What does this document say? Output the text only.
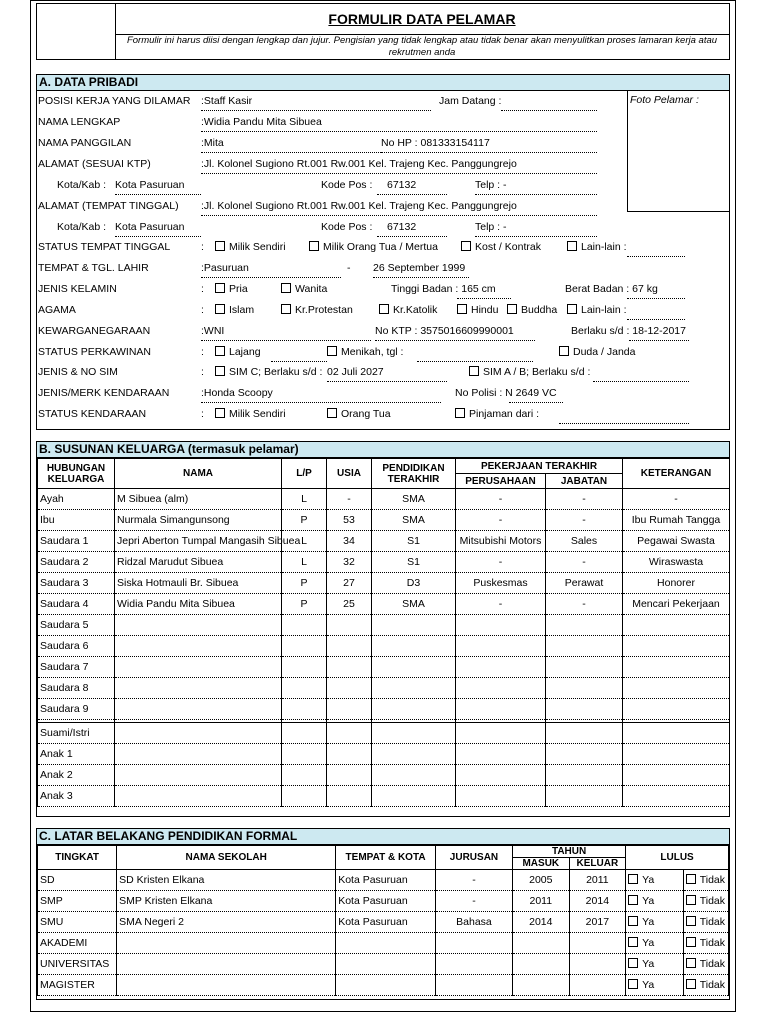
FORMULIR DATA PELAMAR
Formulir ini harus diisi dengan lengkap dan jujur. Pengisian yang tidak lengkap atau tidak benar akan menyulitkan proses lamaran kerja atau rekrutmen anda
A. DATA PRIBADI
Foto Pelamar :
POSISI KERJA YANG DILAMAR :Staff Kasir	Jam Datang :
NAMA LENGKAP	:Widia Pandu Mita Sibuea
NAMA PANGGILAN	:Mita	No HP : 081333154117
ALAMAT (SESUAI KTP)	:Jl. Kolonel Sugiono Rt.001 Rw.001 Kel. Trajeng Kec. Panggungrejo
Kota/Kab : Kota Pasuruan	Kode Pos : 67132	Telp : -
ALAMAT (TEMPAT TINGGAL) :Jl. Kolonel Sugiono Rt.001 Rw.001 Kel. Trajeng Kec. Panggungrejo
Kota/Kab : Kota Pasuruan	Kode Pos : 67132	Telp : -
STATUS TEMPAT TINGGAL	:	Milik Sendiri	Milik Orang Tua / Mertua	Kost / Kontrak	Lain-lain :
TEMPAT & TGL. LAHIR	:Pasuruan	- 26 September 1999
JENIS KELAMIN	:	Pria	Wanita	Tinggi Badan : 165 cm	Berat Badan : 67 kg
AGAMA	:	Islam	Kr.Protestan	Kr.Katolik	Hindu	Buddha	Lain-lain :
KEWARGANEGARAAN	:WNI	No KTP : 3575016609990001	Berlaku s/d : 18-12-2017
STATUS PERKAWINAN	:	Lajang	Menikah, tgl :	Duda / Janda
JENIS & NO SIM	:	SIM C; Berlaku s/d : 02 Juli 2027	SIM A / B; Berlaku s/d :
JENIS/MERK KENDARAAN	:Honda Scoopy	No Polisi : N 2649 VC
STATUS KENDARAAN	:	Milik Sendiri	Orang Tua	Pinjaman dari :
B. SUSUNAN KELUARGA (termasuk pelamar)
HUBUNGAN KELUARGA	NAMA	L/P	USIA	PENDIDIKAN TERAKHIR	PEKERJAAN TERAKHIR		KETERANGAN
					PERUSAHAAN	JABATAN	
Ayah	M Sibuea (alm)	L	-	SMA	-	-	-
Ibu	Nurmala Simangunsong	P	53	SMA	-	-	Ibu Rumah Tangga
Saudara 1	Jepri Aberton Tumpal Mangasih Sibuea	L	34	S1	Mitsubishi Motors	Sales	Pegawai Swasta
Saudara 2	Ridzal Marudut Sibuea	L	32	S1	-	-	Wiraswasta
Saudara 3	Siska Hotmauli Br. Sibuea	P	27	D3	Puskesmas	Perawat	Honorer
Saudara 4	Widia Pandu Mita Sibuea	P	25	SMA	-	-	Mencari Pekerjaan
Saudara 5							
Saudara 6							
Saudara 7							
Saudara 8							
Saudara 9							

Suami/Istri							
Anak 1							
Anak 2							
Anak 3							
C. LATAR BELAKANG PENDIDIKAN FORMAL
TINGKAT	NAMA SEKOLAH	TEMPAT & KOTA	JURUSAN	TAHUN		LULUS	
				MASUK	KELUAR		
SD	SD Kristen Elkana	Kota Pasuruan	-	2005	2011	Ya	Tidak
SMP	SMP Kristen Elkana	Kota Pasuruan	-	2011	2014	Ya	Tidak
SMU	SMA Negeri 2	Kota Pasuruan	Bahasa	2014	2017	Ya	Tidak
AKADEMI						Ya	Tidak
UNIVERSITAS						Ya	Tidak
MAGISTER						Ya	Tidak
